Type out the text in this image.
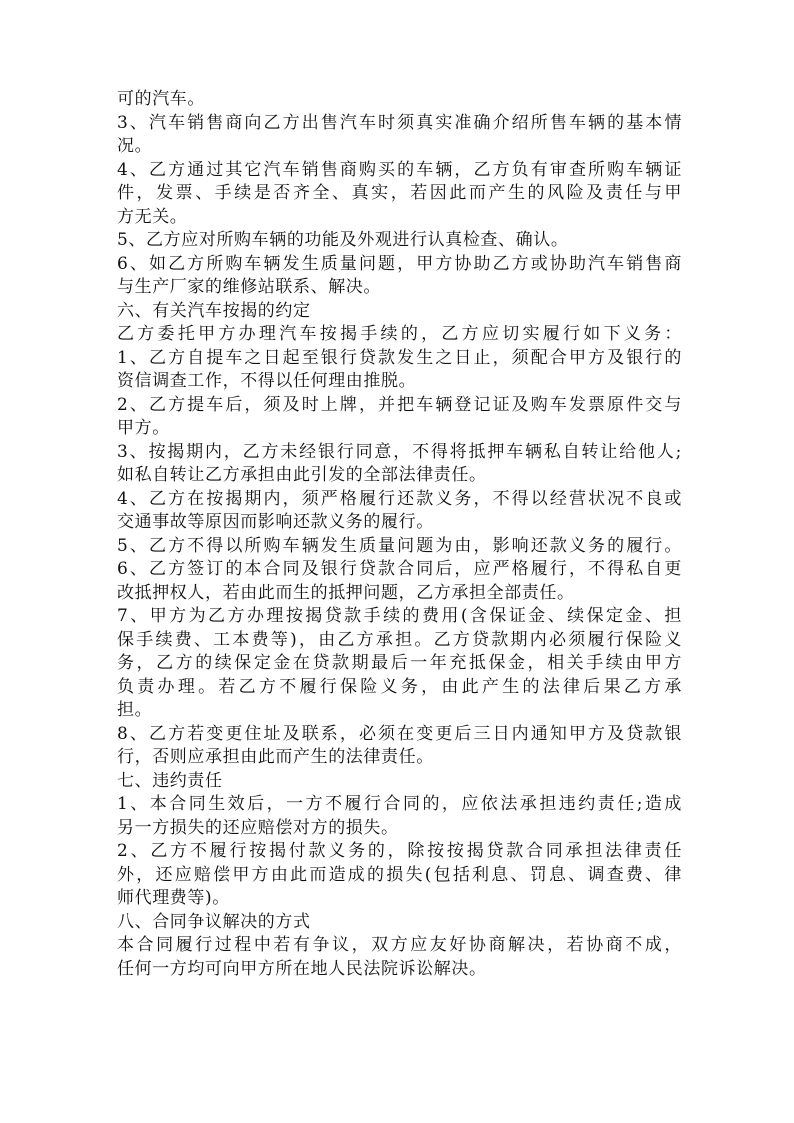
可的汽车。
3、汽车销售商向乙方出售汽车时须真实准确介绍所售车辆的基本情
况。
4、乙方通过其它汽车销售商购买的车辆，乙方负有审查所购车辆证
件，发票、手续是否齐全、真实，若因此而产生的风险及责任与甲
方无关。
5、乙方应对所购车辆的功能及外观进行认真检查、确认。
6、如乙方所购车辆发生质量问题，甲方协助乙方或协助汽车销售商
与生产厂家的维修站联系、解决。
六、有关汽车按揭的约定
乙方委托甲方办理汽车按揭手续的，乙方应切实履行如下义务：
1、乙方自提车之日起至银行贷款发生之日止，须配合甲方及银行的
资信调查工作，不得以任何理由推脱。
2、乙方提车后，须及时上牌，并把车辆登记证及购车发票原件交与
甲方。
3、按揭期内，乙方未经银行同意，不得将抵押车辆私自转让给他人;
如私自转让乙方承担由此引发的全部法律责任。
4、乙方在按揭期内，须严格履行还款义务，不得以经营状况不良或
交通事故等原因而影响还款义务的履行。
5、乙方不得以所购车辆发生质量问题为由，影响还款义务的履行。
6、乙方签订的本合同及银行贷款合同后，应严格履行，不得私自更
改抵押权人，若由此而生的抵押问题，乙方承担全部责任。
7、甲方为乙方办理按揭贷款手续的费用(含保证金、续保定金、担
保手续费、工本费等)，由乙方承担。乙方贷款期内必须履行保险义
务，乙方的续保定金在贷款期最后一年充抵保金，相关手续由甲方
负责办理。若乙方不履行保险义务，由此产生的法律后果乙方承
担。
8、乙方若变更住址及联系，必须在变更后三日内通知甲方及贷款银
行，否则应承担由此而产生的法律责任。
七、违约责任
1、本合同生效后，一方不履行合同的，应依法承担违约责任;造成
另一方损失的还应赔偿对方的损失。
2、乙方不履行按揭付款义务的，除按按揭贷款合同承担法律责任
外，还应赔偿甲方由此而造成的损失(包括利息、罚息、调查费、律
师代理费等)。
八、合同争议解决的方式
本合同履行过程中若有争议，双方应友好协商解决，若协商不成，
任何一方均可向甲方所在地人民法院诉讼解决。
